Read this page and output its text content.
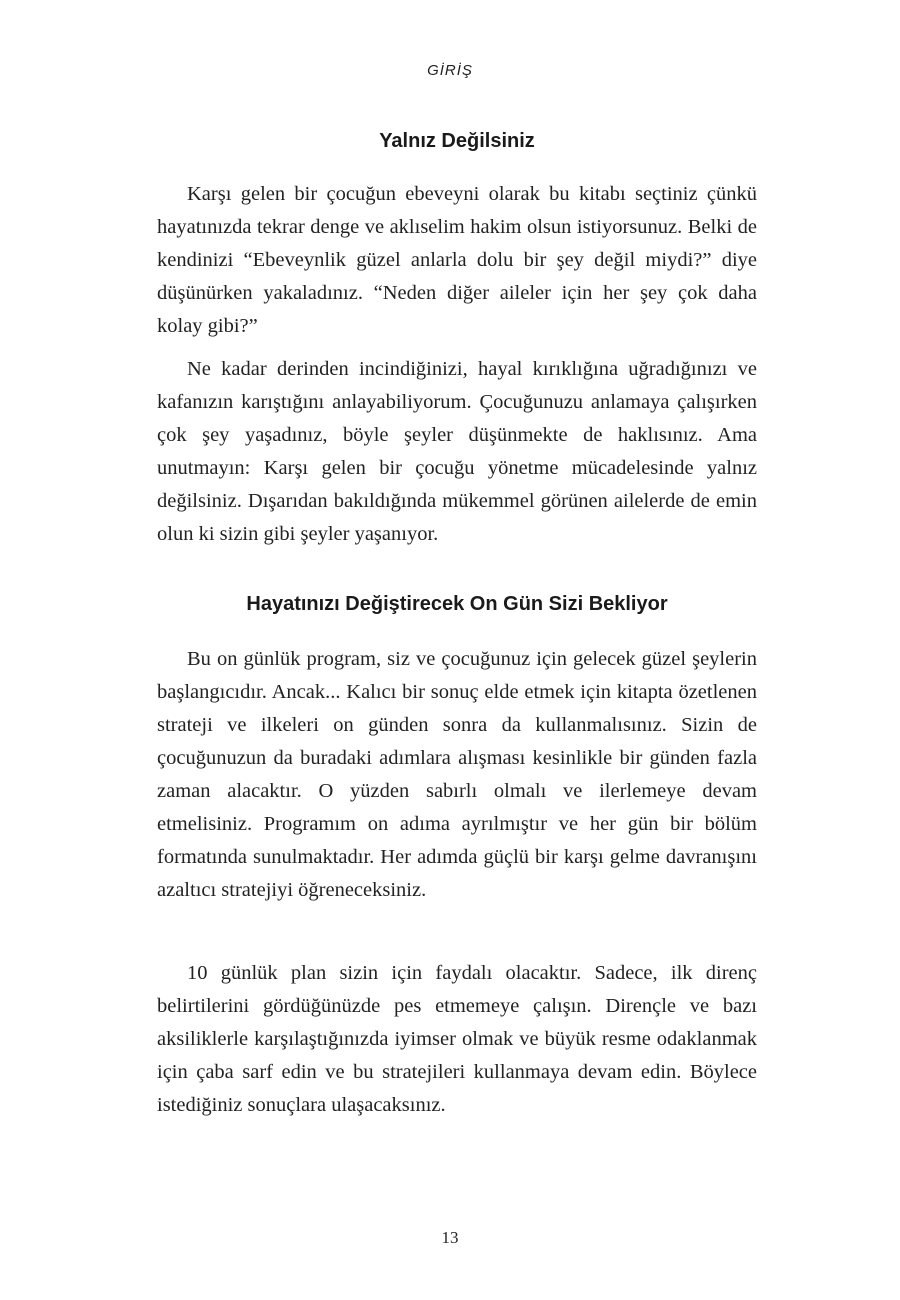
GİRİŞ
Yalnız Değilsiniz

Karşı gelen bir çocuğun ebeveyni olarak bu kitabı seçtiniz çünkü hayatınızda tekrar denge ve aklıselim hakim olsun istiyorsunuz. Belki de kendinizi “Ebeveynlik güzel anlarla dolu bir şey değil miydi?” diye düşünürken yakaladınız. “Neden diğer aileler için her şey çok daha kolay gibi?”

Ne kadar derinden incindiğinizi, hayal kırıklığına uğradığınızı ve kafanızın karıştığını anlayabiliyorum. Çocuğunuzu anlamaya çalışırken çok şey yaşadınız, böyle şeyler düşünmekte de haklısınız. Ama unutmayın: Karşı gelen bir çocuğu yönetme mücadelesinde yalnız değilsiniz. Dışarıdan bakıldığında mükemmel görünen ailelerde de emin olun ki sizin gibi şeyler yaşanıyor.

Hayatınızı Değiştirecek On Gün Sizi Bekliyor

Bu on günlük program, siz ve çocuğunuz için gelecek güzel şeylerin başlangıcıdır. Ancak... Kalıcı bir sonuç elde etmek için kitapta özetlenen strateji ve ilkeleri on günden sonra da kullanmalısınız. Sizin de çocuğunuzun da buradaki adımlara alışması kesinlikle bir günden fazla zaman alacaktır. O yüzden sabırlı olmalı ve ilerlemeye devam etmelisiniz. Programım on adıma ayrılmıştır ve her gün bir bölüm formatında sunulmaktadır. Her adımda güçlü bir karşı gelme davranışını azaltıcı stratejiyi öğreneceksiniz.

10 günlük plan sizin için faydalı olacaktır. Sadece, ilk direnç belirtilerini gördüğünüzde pes etmemeye çalışın. Dirençle ve bazı aksiliklerle karşılaştığınızda iyimser olmak ve büyük resme odaklanmak için çaba sarf edin ve bu stratejileri kullanmaya devam edin. Böylece istediğiniz sonuçlara ulaşacaksınız.

13
